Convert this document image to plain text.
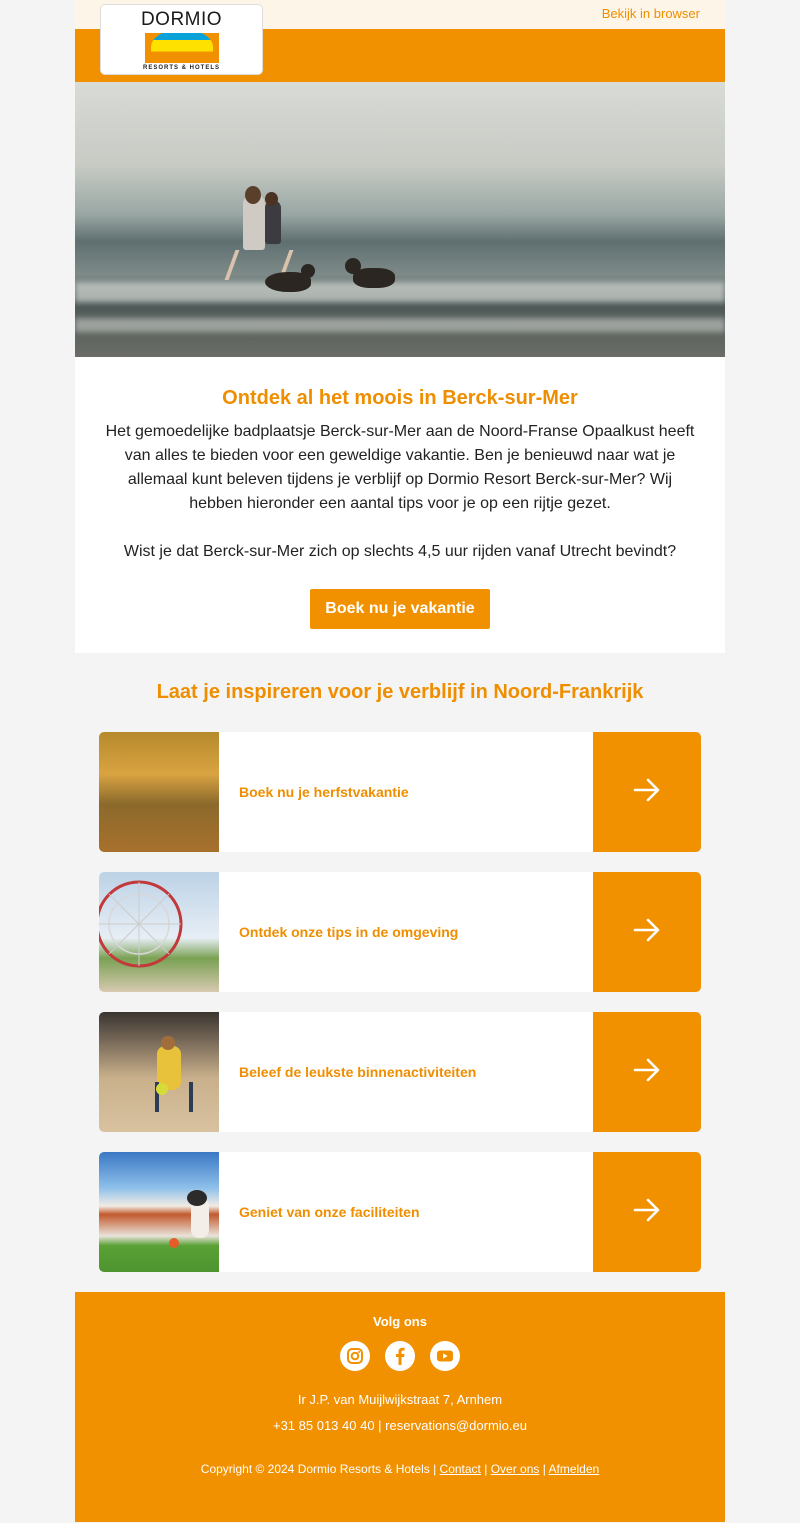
Bekijk in browser
DORMIO
RESORTS & HOTELS
Ontdek al het moois in Berck-sur-Mer

Het gemoedelijke badplaatsje Berck-sur-Mer aan de Noord-Franse Opaalkust heeft van alles te bieden voor een geweldige vakantie. Ben je benieuwd naar wat je allemaal kunt beleven tijdens je verblijf op Dormio Resort Berck-sur-Mer? Wij hebben hieronder een aantal tips voor je op een rijtje gezet.

Wist je dat Berck-sur-Mer zich op slechts 4,5 uur rijden vanaf Utrecht bevindt?

Boek nu je vakantie
Laat je inspireren voor je verblijf in Noord-Frankrijk
Boek nu je herfstvakantie
Ontdek onze tips in de omgeving
Beleef de leukste binnenactiviteiten
Geniet van onze faciliteiten
Volg ons
Ir J.P. van Muijlwijkstraat 7, Arnhem
+31 85 013 40 40 | reservations@dormio.eu
Copyright © 2024 Dormio Resorts & Hotels | Contact | Over ons | Afmelden
